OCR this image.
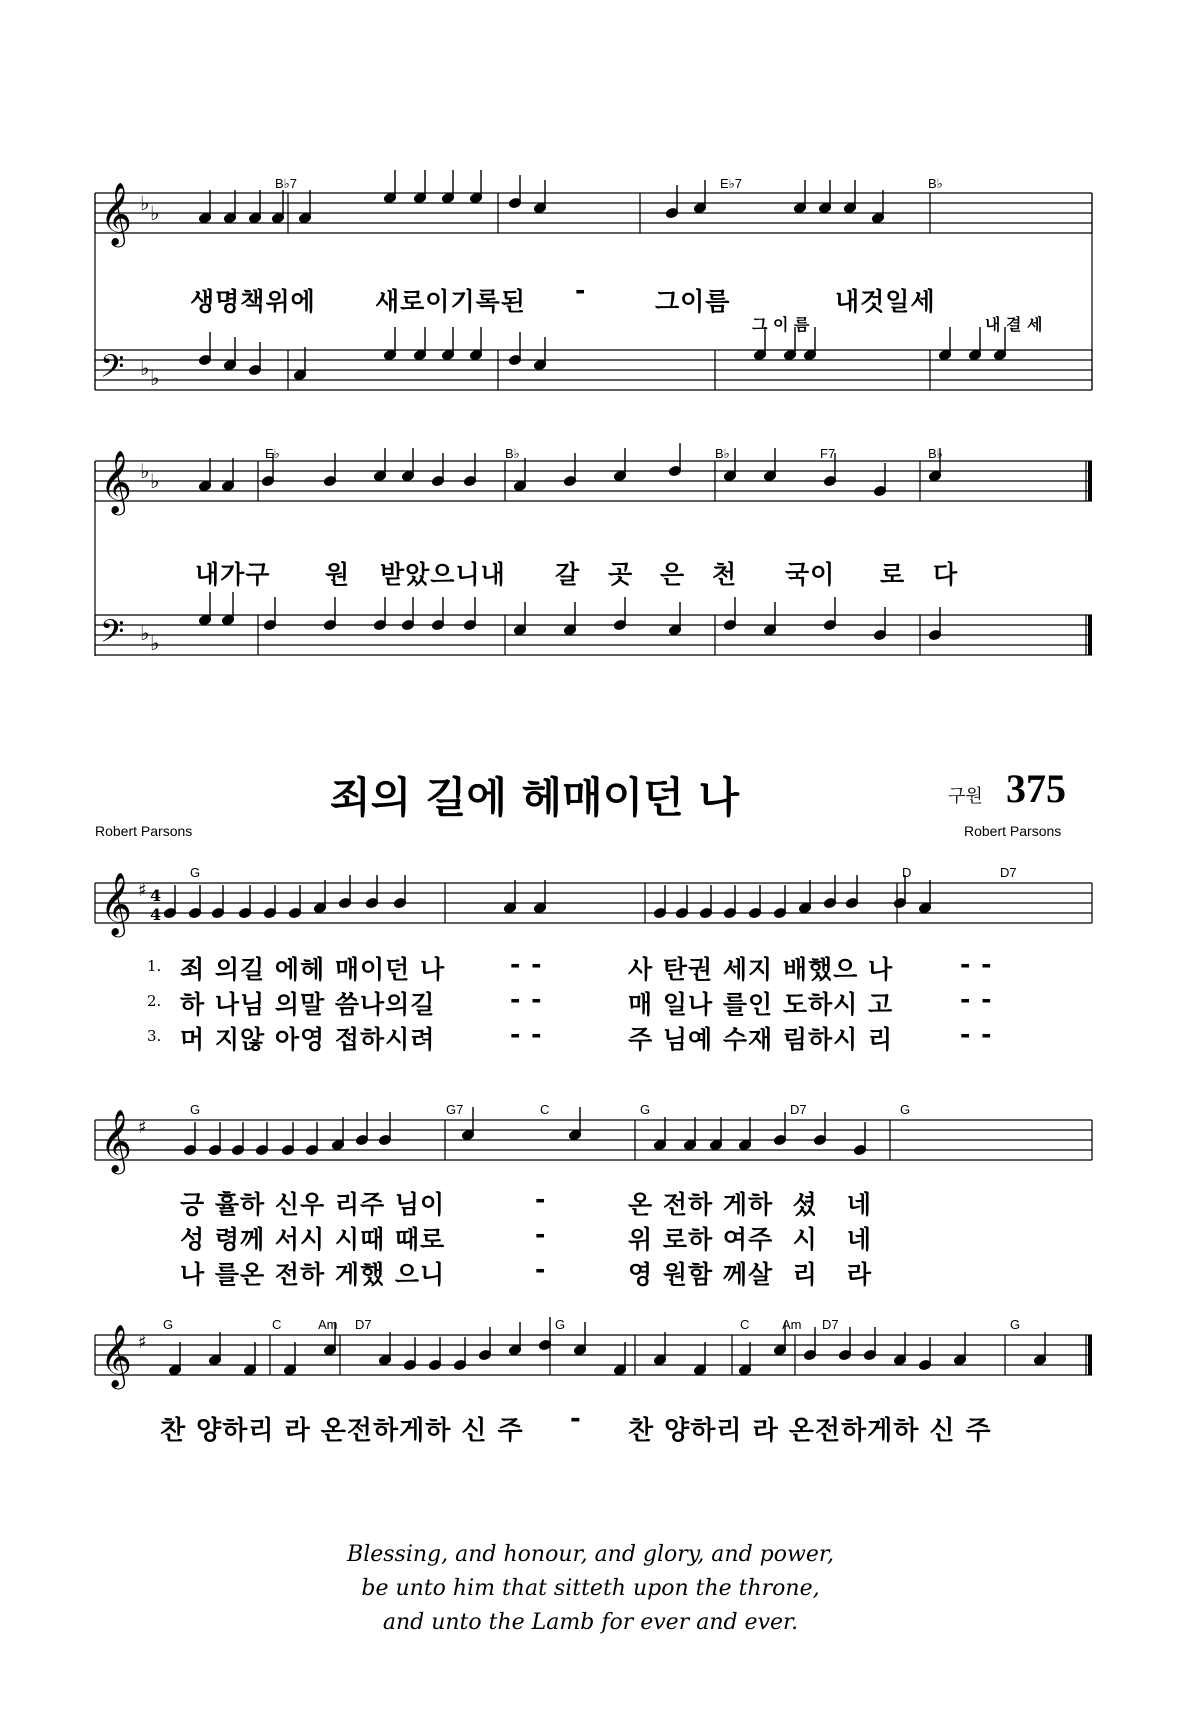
𝄞 ♭ ♭
𝄢 ♭ ♭
B♭7	E♭7	B♭
생명책위에 새로이기록된 -	그이름	내것일세
그 이 름	내 결 세
𝄞 ♭ ♭
𝄢 ♭ ♭
E♭	B♭	B♭	F7	B♭
내가구 원 받았으니내 갈 곳 은 천 국이 로 다
죄의 길에 헤매이던 나	구원 375
Robert Parsons	Robert Parsons
𝄞 ♯ 4
4
G	D	D7
1. 죄 의길 에헤 매이던 나	- -	사 탄권 세지 배했으 나	- -
2. 하 나님 의말 씀나의길	- -	매 일나 를인 도하시 고	- -
3. 머 지않 아영 접하시려	- -	주 님예 수재 림하시 리	- -
𝄞 ♯
G	G7	C	G	D7	G
긍 휼하 신우 리주 님이	-	온 전하 게하  셨   네
성 령께 서시 시때 때로	-	위 로하 여주  시   네
나 를온 전하 게했 으니	-	영 원함 께살  리   라
𝄞 ♯
G	C	Am D7	G	C	Am D7	G
찬 양하리 라 온전하게하 신 주 - 찬 양하리 라 온전하게하 신 주
Blessing, and honour, and glory, and power,
be unto him that sitteth upon the throne,
and unto the Lamb for ever and ever.
